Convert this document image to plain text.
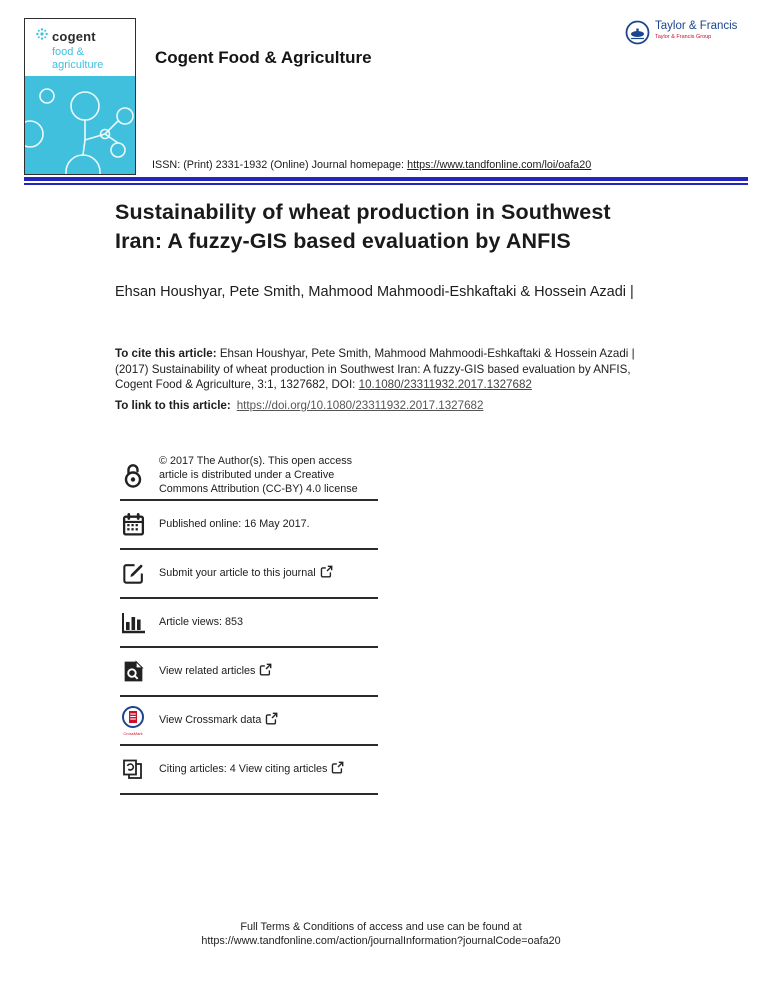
cogent
food &
agriculture	Cogent Food & Agriculture
Taylor & Francis
Taylor & Francis Group
ISSN: (Print) 2331-1932 (Online) Journal homepage: https://www.tandfonline.com/loi/oafa20
Sustainability of wheat production in Southwest Iran: A fuzzy-GIS based evaluation by ANFIS

Ehsan Houshyar, Pete Smith, Mahmood Mahmoodi-Eshkaftaki & Hossein Azadi |

To cite this article: Ehsan Houshyar, Pete Smith, Mahmood Mahmoodi-Eshkaftaki & Hossein Azadi | (2017) Sustainability of wheat production in Southwest Iran: A fuzzy-GIS based evaluation by ANFIS, Cogent Food & Agriculture, 3:1, 1327682, DOI: 10.1080/23311932.2017.1327682

To link to this article: https://doi.org/10.1080/23311932.2017.1327682

© 2017 The Author(s). This open access article is distributed under a Creative Commons Attribution (CC-BY) 4.0 license
Published online: 16 May 2017.
Submit your article to this journal
Article views: 853
View related articles
CrossMark
View Crossmark data
Citing articles: 4 View citing articles
Full Terms & Conditions of access and use can be found at
https://www.tandfonline.com/action/journalInformation?journalCode=oafa20
